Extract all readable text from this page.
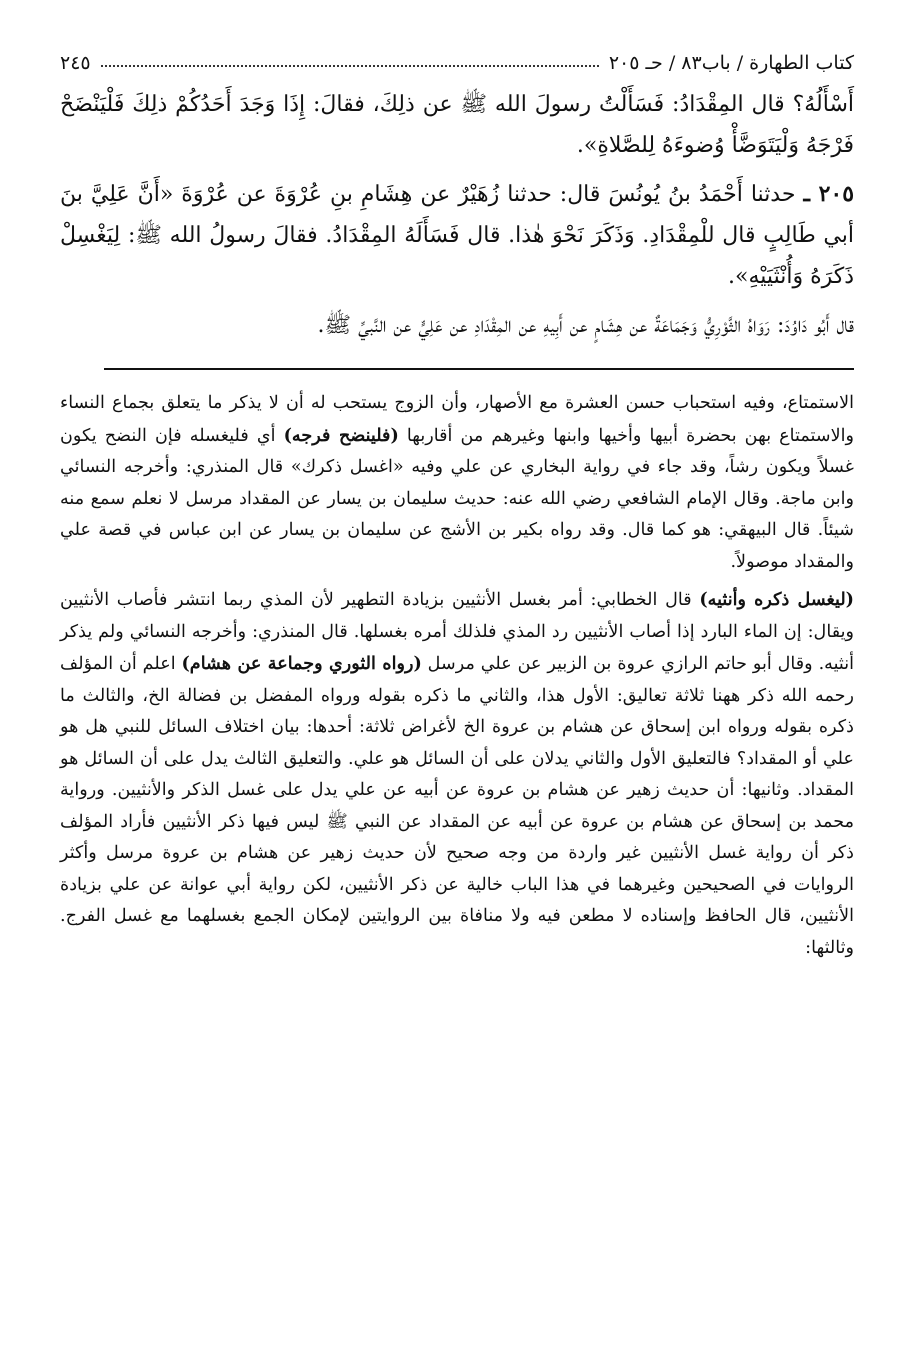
كتاب الطهارة / باب٨٣ / حـ ٢٠٥
٢٤٥

أَسْأَلُهُ؟ قال المِقْدَادُ: فَسَأَلْتُ رسولَ الله ﷺ عن ذلِكَ، فقالَ: إِذَا وَجَدَ أَحَدُكُمْ ذلِكَ فَلْيَنْضَحْ فَرْجَهُ وَلْيَتَوَضَّأْ وُضوءَهُ لِلصَّلاةِ».

٢٠٥ ـ حدثنا أَحْمَدُ بنُ يُونُسَ قال: حدثنا زُهَيْرٌ عن هِشَامِ بنِ عُرْوَةَ عن عُرْوَةَ «أَنَّ عَلِيَّ بنَ أبي طَالِبٍ قال للْمِقْدَادِ. وَذَكَرَ نَحْوَ هٰذا. قال فَسَأَلَهُ المِقْدَادُ. فقالَ رسولُ الله ﷺ: لِيَغْسِلْ ذَكَرَهُ وَأُنْثَيَيْهِ».

قال أَبُو دَاوُدَ: رَوَاهُ الثَّوْرِيُّ وَجَمَاعَةٌ عن هِشَامٍ عن أَبِيهِ عن المِقْدَادِ عن عَلِيٍّ عن النَّبيِّ ﷺ.

الاستمتاع، وفيه استحباب حسن العشرة مع الأصهار، وأن الزوج يستحب له أن لا يذكر ما يتعلق بجماع النساء والاستمتاع بهن بحضرة أبيها وأخيها وابنها وغيرهم من أقاربها (فلينضح فرجه) أي فليغسله فإن النضح يكون غسلاً ويكون رشاً، وقد جاء في رواية البخاري عن علي وفيه «اغسل ذكرك» قال المنذري: وأخرجه النسائي وابن ماجة. وقال الإمام الشافعي رضي الله عنه: حديث سليمان بن يسار عن المقداد مرسل لا نعلم سمع منه شيئاً. قال البيهقي: هو كما قال. وقد رواه بكير بن الأشج عن سليمان بن يسار عن ابن عباس في قصة علي والمقداد موصولاً.

(ليغسل ذكره وأنثيه) قال الخطابي: أمر بغسل الأنثيين بزيادة التطهير لأن المذي ربما انتشر فأصاب الأنثيين ويقال: إن الماء البارد إذا أصاب الأنثيين رد المذي فلذلك أمره بغسلها. قال المنذري: وأخرجه النسائي ولم يذكر أنثيه. وقال أبو حاتم الرازي عروة بن الزبير عن علي مرسل (رواه الثوري وجماعة عن هشام) اعلم أن المؤلف رحمه الله ذكر ههنا ثلاثة تعاليق: الأول هذا، والثاني ما ذكره بقوله ورواه المفضل بن فضالة الخ، والثالث ما ذكره بقوله ورواه ابن إسحاق عن هشام بن عروة الخ لأغراض ثلاثة: أحدها: بيان اختلاف السائل للنبي هل هو علي أو المقداد؟ فالتعليق الأول والثاني يدلان على أن السائل هو علي. والتعليق الثالث يدل على أن السائل هو المقداد. وثانيها: أن حديث زهير عن هشام بن عروة عن أبيه عن علي يدل على غسل الذكر والأنثيين. ورواية محمد بن إسحاق عن هشام بن عروة عن أبيه عن المقداد عن النبي ﷺ ليس فيها ذكر الأنثيين فأراد المؤلف ذكر أن رواية غسل الأنثيين غير واردة من وجه صحيح لأن حديث زهير عن هشام بن عروة مرسل وأكثر الروايات في الصحيحين وغيرهما في هذا الباب خالية عن ذكر الأنثيين، لكن رواية أبي عوانة عن علي بزيادة الأنثيين، قال الحافظ وإسناده لا مطعن فيه ولا منافاة بين الروايتين لإمكان الجمع بغسلهما مع غسل الفرج. وثالثها:
